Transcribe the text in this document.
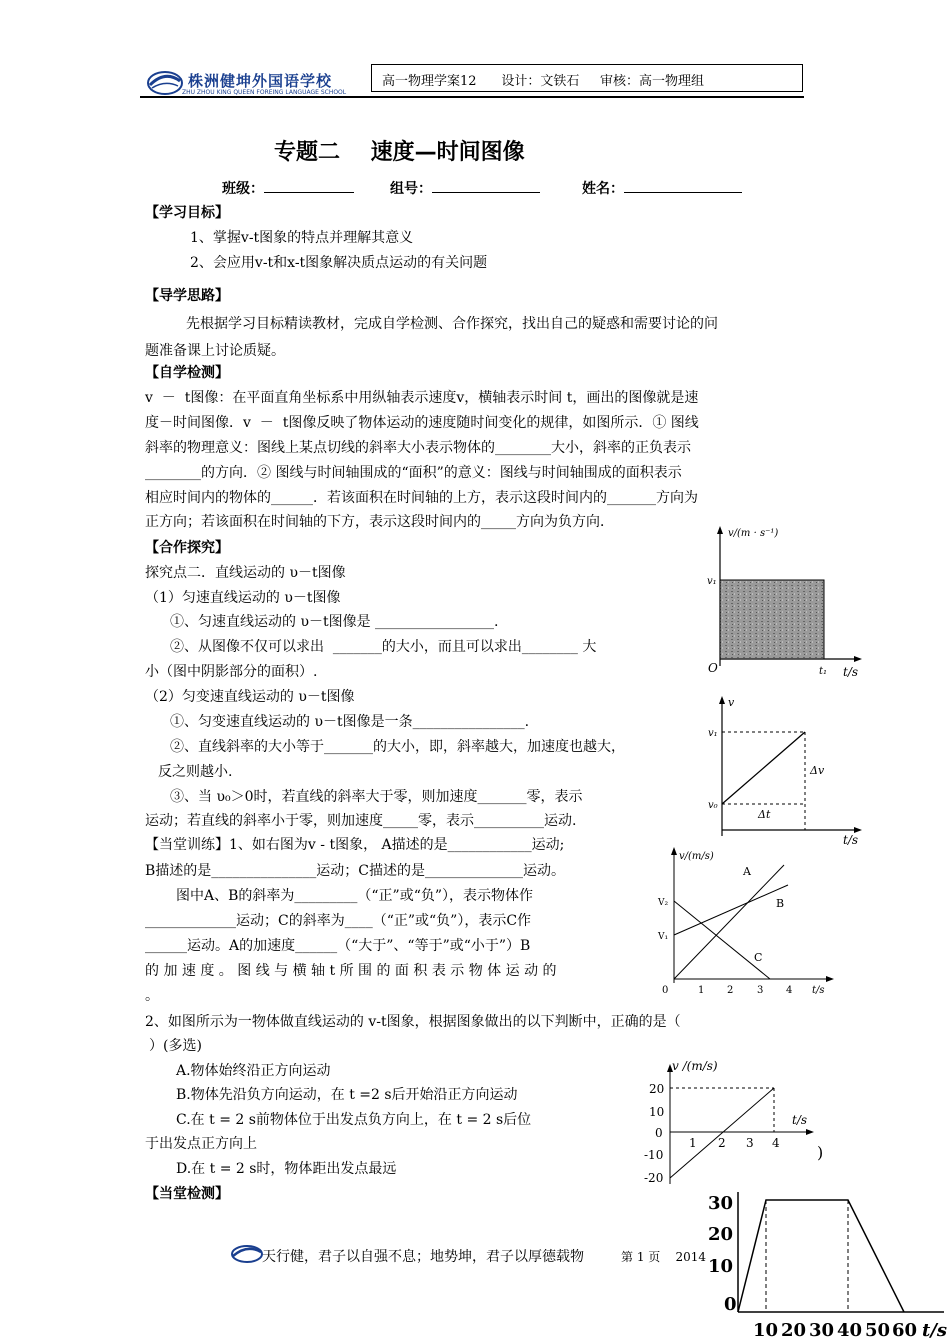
株洲健坤外国语学校
ZHU ZHOU KING QUEEN FOREING LANGUAGE SCHOOL
高一物理学案12      设计：文铁石     审核：高一物理组
专题二    速度—时间图像
班级：	组号：	姓名：
【学习目标】
1、掌握v-t图象的特点并理解其意义
2、会应用v-t和x-t图象解决质点运动的有关问题
【导学思路】
先根据学习目标精读教材，完成自学检测、合作探究，找出自己的疑惑和需要讨论的问
题准备课上讨论质疑。
【自学检测】
v  －  t图像：在平面直角坐标系中用纵轴表示速度v，横轴表示时间 t，画出的图像就是速
度－时间图像．v  －  t图像反映了物体运动的速度随时间变化的规律，如图所示．① 图线
斜率的物理意义：图线上某点切线的斜率大小表示物体的________大小，斜率的正负表示
________的方向．② 图线与时间轴围成的“面积”的意义：图线与时间轴围成的面积表示
相应时间内的物体的______．若该面积在时间轴的上方，表示这段时间内的_______方向为
正方向；若该面积在时间轴的下方，表示这段时间内的_____方向为负方向．
【合作探究】
探究点二．直线运动的 υ－t图像
（1）匀速直线运动的 υ－t图像
①、匀速直线运动的 υ－t图像是 _________________.
②、从图像不仅可以求出  _______的大小，而且可以求出________ 大
小（图中阴影部分的面积）.
（2）匀变速直线运动的 υ－t图像
①、匀变速直线运动的 υ－t图像是一条________________.
②、直线斜率的大小等于_______的大小，即，斜率越大，加速度也越大，
反之则越小.
③、当 υ₀＞0时，若直线的斜率大于零，则加速度_______零，表示
运动；若直线的斜率小于零，则加速度_____零，表示__________运动.
【当堂训练】1、如右图为v - t图象， A描述的是____________运动;
B描述的是_______________运动；C描述的是______________运动。
图中A、B的斜率为_________（“正”或“负”），表示物体作
_____________运动；C的斜率为____（“正”或“负”），表示C作
______运动。A的加速度______（“大于”、“等于”或“小于”）B
的 加 速 度 。 图 线 与 横 轴 t 所 围 的 面 积 表 示 物 体 运 动 的
。
2、如图所示为一物体做直线运动的 v-t图象，根据图象做出的以下判断中，正确的是（
）(多选)
A.物体始终沿正方向运动
B.物体先沿负方向运动，在 t =2 s后开始沿正方向运动
C.在 t = 2 s前物体位于出发点负方向上，在 t = 2 s后位
于出发点正方向上
D.在 t = 2 s时，物体距出发点最远
【当堂检测】
天行健，君子以自强不息；地势坤，君子以厚德载物	第 1 页    2014
v/(m · s⁻¹)
v₁
O	t₁ t/s
v
v₁
v₀
Δv
Δt
t/s
v/(m/s)
V₂
V₁
A
B
C
0	1 2 3 4 t/s
v /(m/s)
20
10
0
-10
-20
1 2 3 4
t/s
)
30
20
10
0
10 20 30 40 50 60 t/s
